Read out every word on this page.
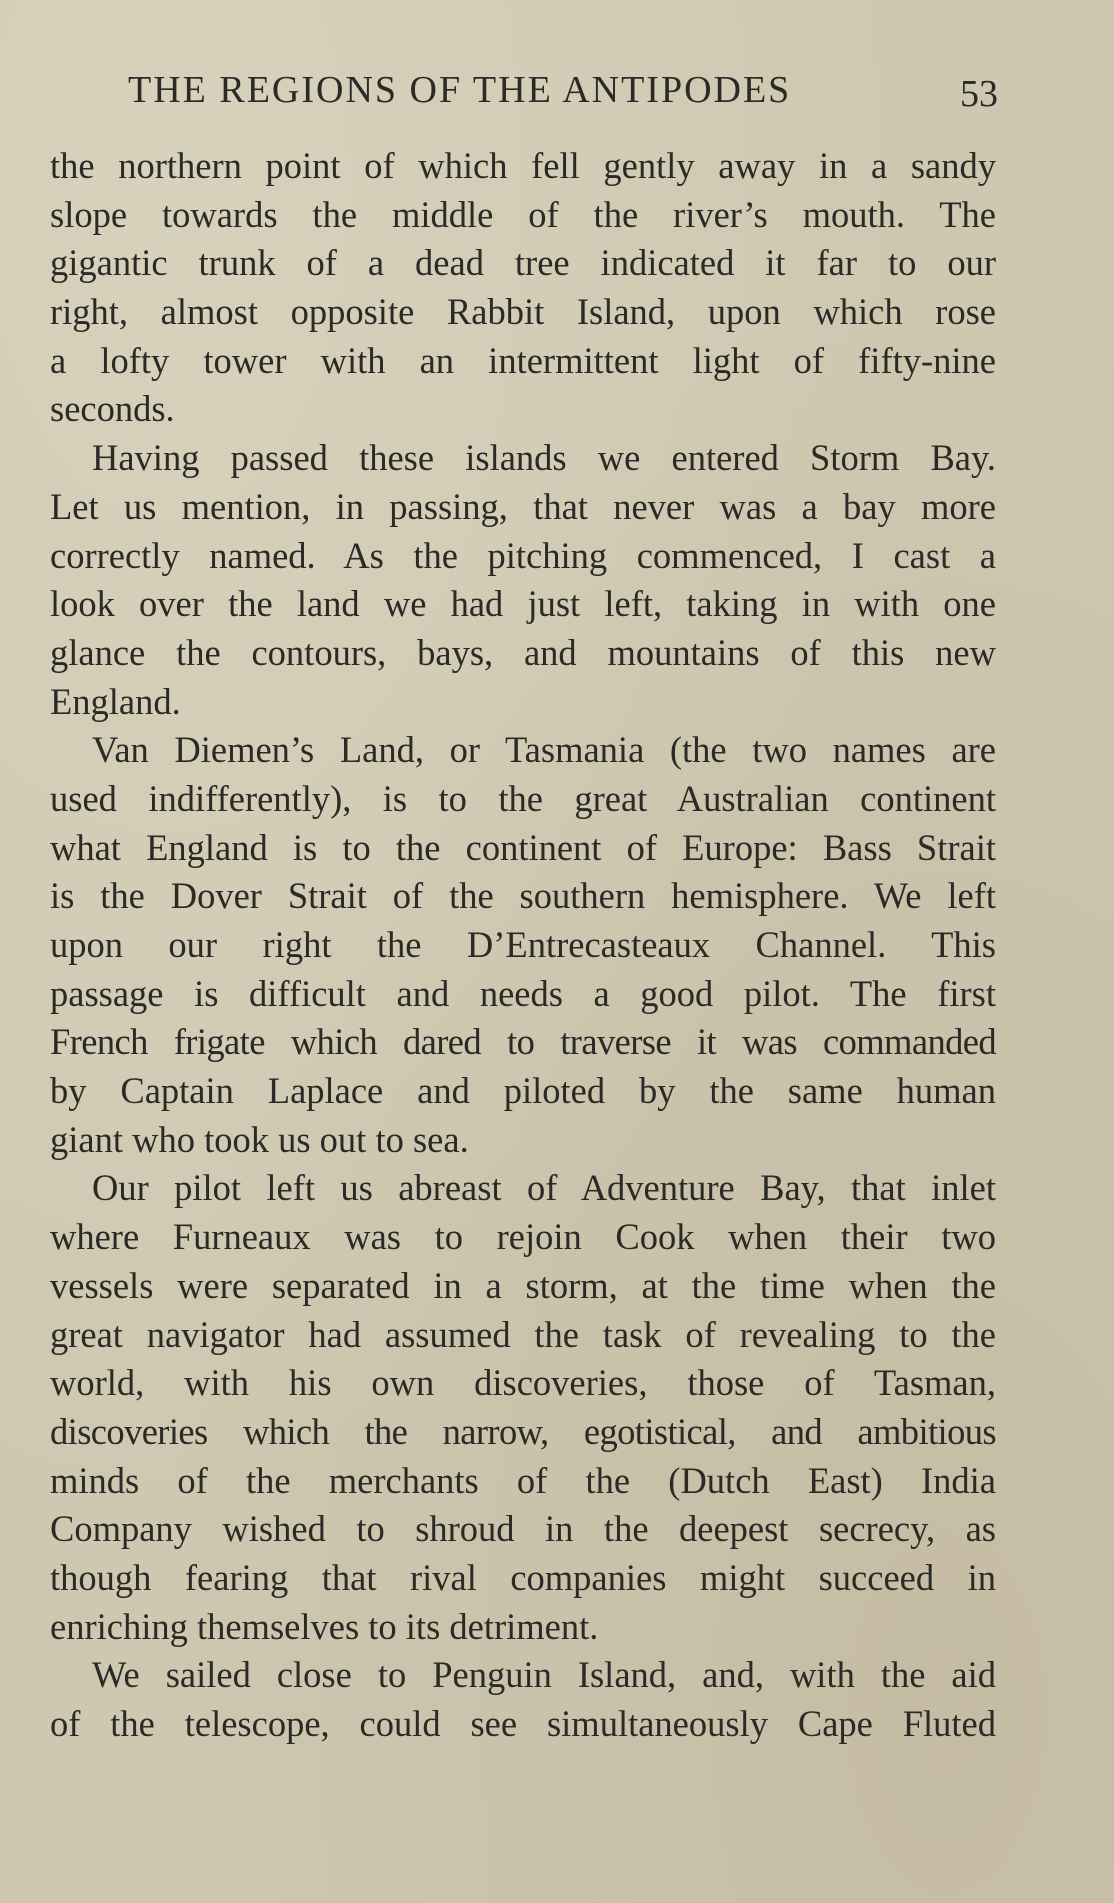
THE REGIONS OF THE ANTIPODES	53
the northern point of which fell gently away in a sandy
slope towards the middle of the river’s mouth. The
gigantic trunk of a dead tree indicated it far to our
right, almost opposite Rabbit Island, upon which rose
a lofty tower with an intermittent light of fifty-nine
seconds.
Having passed these islands we entered Storm Bay.
Let us mention, in passing, that never was a bay more
correctly named. As the pitching commenced, I cast a
look over the land we had just left, taking in with one
glance the contours, bays, and mountains of this new
England.
Van Diemen’s Land, or Tasmania (the two names are
used indifferently), is to the great Australian continent
what England is to the continent of Europe: Bass Strait
is the Dover Strait of the southern hemisphere. We left
upon our right the D’Entrecasteaux Channel. This
passage is difficult and needs a good pilot. The first
French frigate which dared to traverse it was commanded
by Captain Laplace and piloted by the same human
giant who took us out to sea.
Our pilot left us abreast of Adventure Bay, that inlet
where Furneaux was to rejoin Cook when their two
vessels were separated in a storm, at the time when the
great navigator had assumed the task of revealing to the
world, with his own discoveries, those of Tasman,
discoveries which the narrow, egotistical, and ambitious
minds of the merchants of the (Dutch East) India
Company wished to shroud in the deepest secrecy, as
though fearing that rival companies might succeed in
enriching themselves to its detriment.
We sailed close to Penguin Island, and, with the aid
of the telescope, could see simultaneously Cape Fluted
